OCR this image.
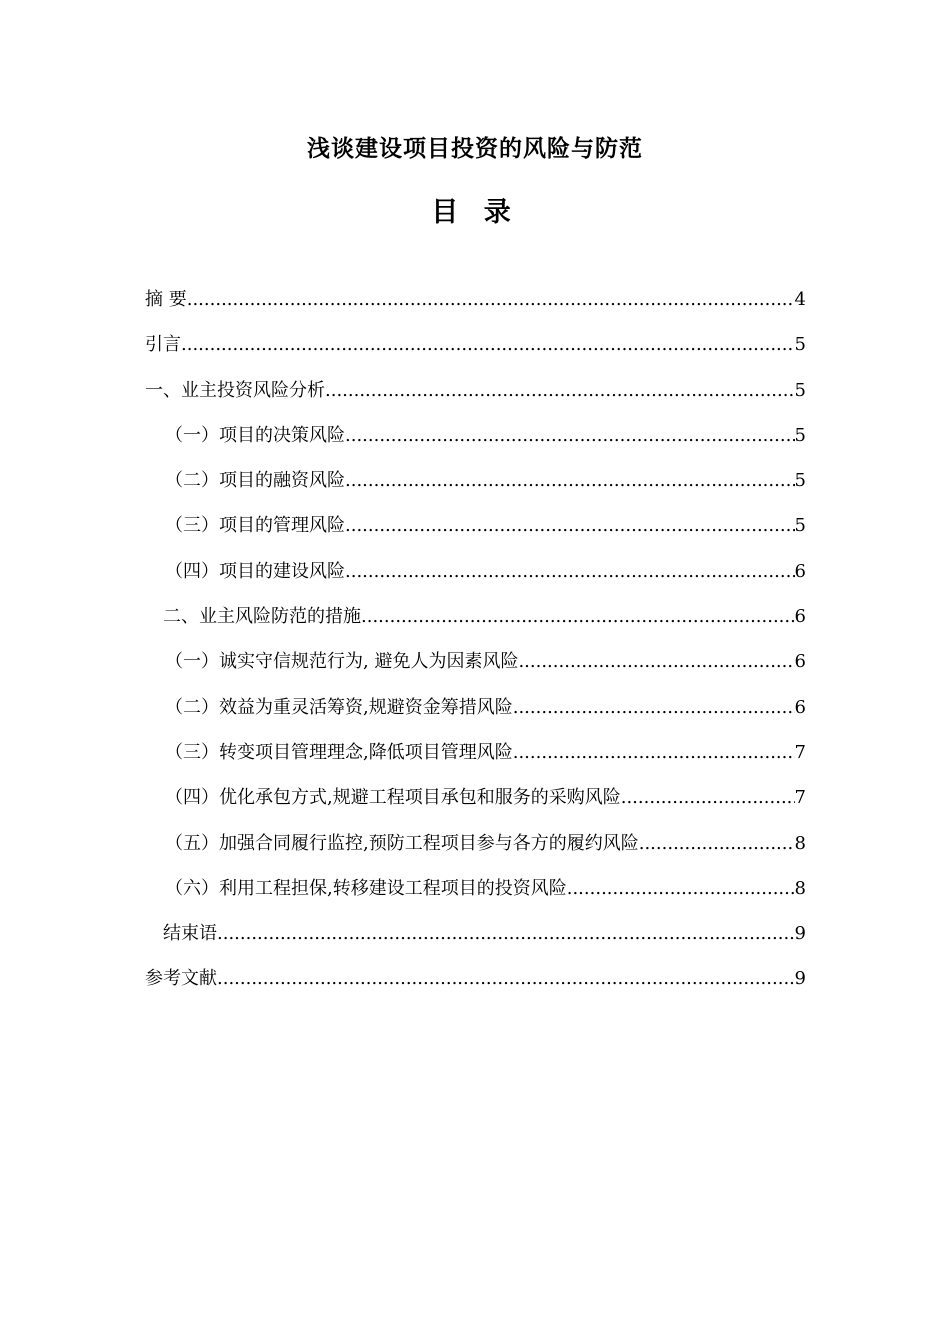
浅谈建设项目投资的风险与防范
目 录
摘 要 .....	4
引言 .....	5
一、业主投资风险分析 .....	5
（一）项目的决策风险 .....	5
（二）项目的融资风险 .....	5
（三）项目的管理风险 .....	5
（四）项目的建设风险 .....	6
二、业主风险防范的措施 .....	6
（一）诚实守信规范行为, 避免人为因素风险 .....	6
（二）效益为重灵活筹资,规避资金筹措风险 .....	6
（三）转变项目管理理念,降低项目管理风险 .....	7
（四）优化承包方式,规避工程项目承包和服务的采购风险 .....	7
（五）加强合同履行监控,预防工程项目参与各方的履约风险 .....	8
（六）利用工程担保,转移建设工程项目的投资风险 .....	8
结束语 .....	9
参考文献 .....	9
